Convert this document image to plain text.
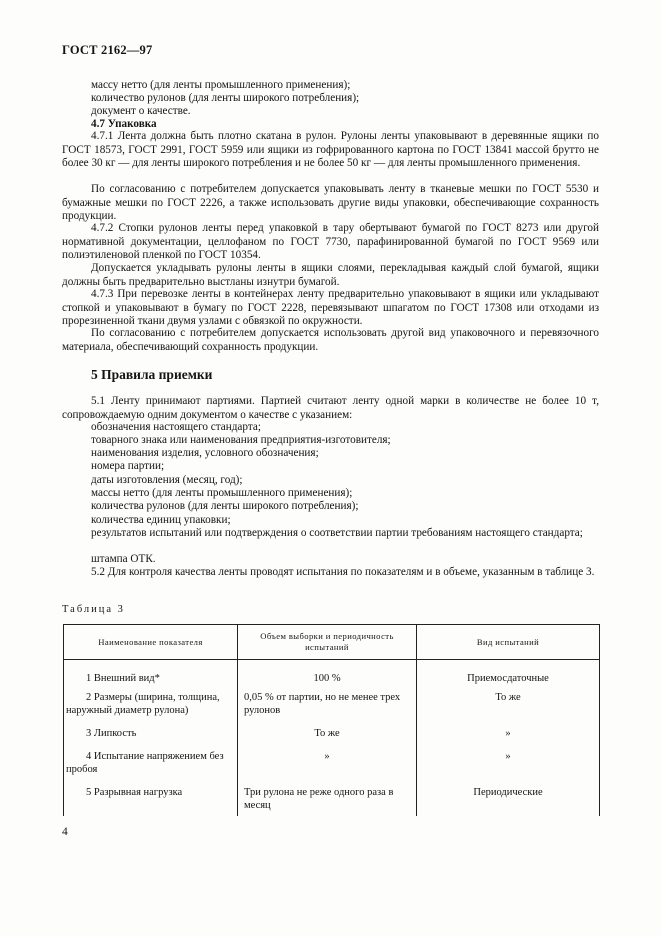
ГОСТ 2162—97
массу нетто (для ленты промышленного применения);
количество рулонов (для ленты широкого потребления);
документ о качестве.
4.7 Упаковка
4.7.1 Лента должна быть плотно скатана в рулон. Рулоны ленты упаковывают в деревянные ящики по ГОСТ 18573, ГОСТ 2991, ГОСТ 5959 или ящики из гофрированного картона по ГОСТ 13841 массой брутто не более 30 кг — для ленты широкого потребления и не более 50 кг — для ленты промышленного применения.
По согласованию с потребителем допускается упаковывать ленту в тканевые мешки по ГОСТ 5530 и бумажные мешки по ГОСТ 2226, а также использовать другие виды упаковки, обеспечивающие сохранность продукции.
4.7.2 Стопки рулонов ленты перед упаковкой в тару обертывают бумагой по ГОСТ 8273 или другой нормативной документации, целлофаном по ГОСТ 7730, парафинированной бумагой по ГОСТ 9569 или полиэтиленовой пленкой по ГОСТ 10354.
Допускается укладывать рулоны ленты в ящики слоями, перекладывая каждый слой бумагой, ящики должны быть предварительно выстланы изнутри бумагой.
4.7.3 При перевозке ленты в контейнерах ленту предварительно упаковывают в ящики или укладывают стопкой и упаковывают в бумагу по ГОСТ 2228, перевязывают шпагатом по ГОСТ 17308 или отходами из прорезиненной ткани двумя узлами с обвязкой по окружности.
По согласованию с потребителем допускается использовать другой вид упаковочного и перевязочного материала, обеспечивающий сохранность продукции.
5 Правила приемки
5.1 Ленту принимают партиями. Партией считают ленту одной марки в количестве не более 10 т, сопровождаемую одним документом о качестве с указанием:
обозначения настоящего стандарта;
товарного знака или наименования предприятия-изготовителя;
наименования изделия, условного обозначения;
номера партии;
даты изготовления (месяц, год);
массы нетто (для ленты промышленного применения);
количества рулонов (для ленты широкого потребления);
количества единиц упаковки;
результатов испытаний или подтверждения о соответствии партии требованиям настоящего стандарта;
штампа ОТК.
5.2 Для контроля качества ленты проводят испытания по показателям и в объеме, указанным в таблице 3.
Таблица 3
Наименование показателя	Объем выборки и периодичность испытаний	Вид испытаний
1 Внешний вид*	100 %	Приемосдаточные
2 Размеры (ширина, толщина, наружный диаметр рулона)	0,05 % от партии, но не менее трех рулонов	То же
3 Липкость	То же	»
4 Испытание напряжением без пробоя	»	»
5 Разрывная нагрузка	Три рулона не реже одного раза в месяц	Периодические
4
